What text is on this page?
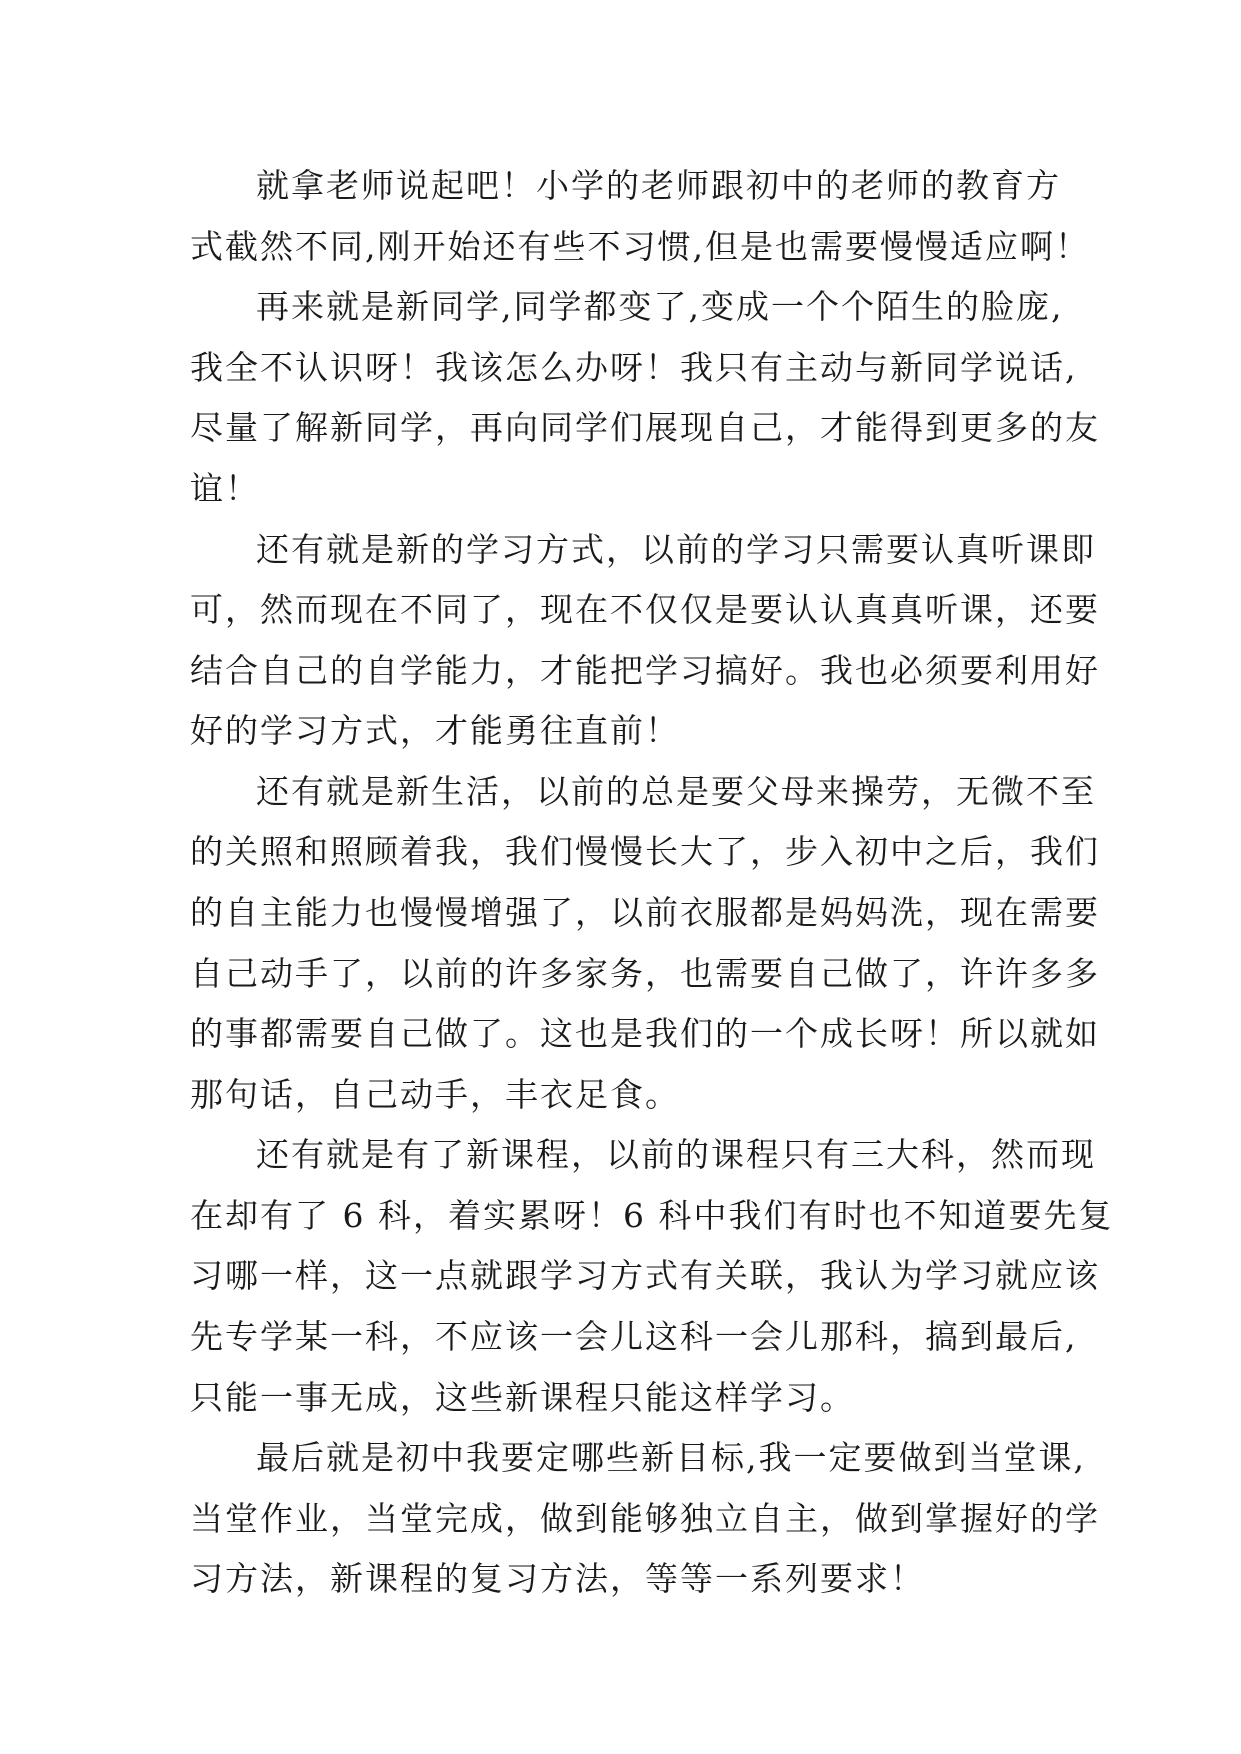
就拿老师说起吧！小学的老师跟初中的老师的教育方
式截然不同,刚开始还有些不习惯,但是也需要慢慢适应啊！
再来就是新同学,同学都变了,变成一个个陌生的脸庞,
我全不认识呀！我该怎么办呀！我只有主动与新同学说话,
尽量了解新同学，再向同学们展现自己，才能得到更多的友
谊！
还有就是新的学习方式，以前的学习只需要认真听课即
可，然而现在不同了，现在不仅仅是要认认真真听课，还要
结合自己的自学能力，才能把学习搞好。我也必须要利用好
好的学习方式，才能勇往直前！
还有就是新生活，以前的总是要父母来操劳，无微不至
的关照和照顾着我，我们慢慢长大了，步入初中之后，我们
的自主能力也慢慢增强了，以前衣服都是妈妈洗，现在需要
自己动手了，以前的许多家务，也需要自己做了，许许多多
的事都需要自己做了。这也是我们的一个成长呀！所以就如
那句话，自己动手，丰衣足食。
还有就是有了新课程，以前的课程只有三大科，然而现
在却有了 6 科，着实累呀！6 科中我们有时也不知道要先复
习哪一样，这一点就跟学习方式有关联，我认为学习就应该
先专学某一科，不应该一会儿这科一会儿那科，搞到最后,
只能一事无成，这些新课程只能这样学习。
最后就是初中我要定哪些新目标,我一定要做到当堂课,
当堂作业，当堂完成，做到能够独立自主，做到掌握好的学
习方法，新课程的复习方法，等等一系列要求！
